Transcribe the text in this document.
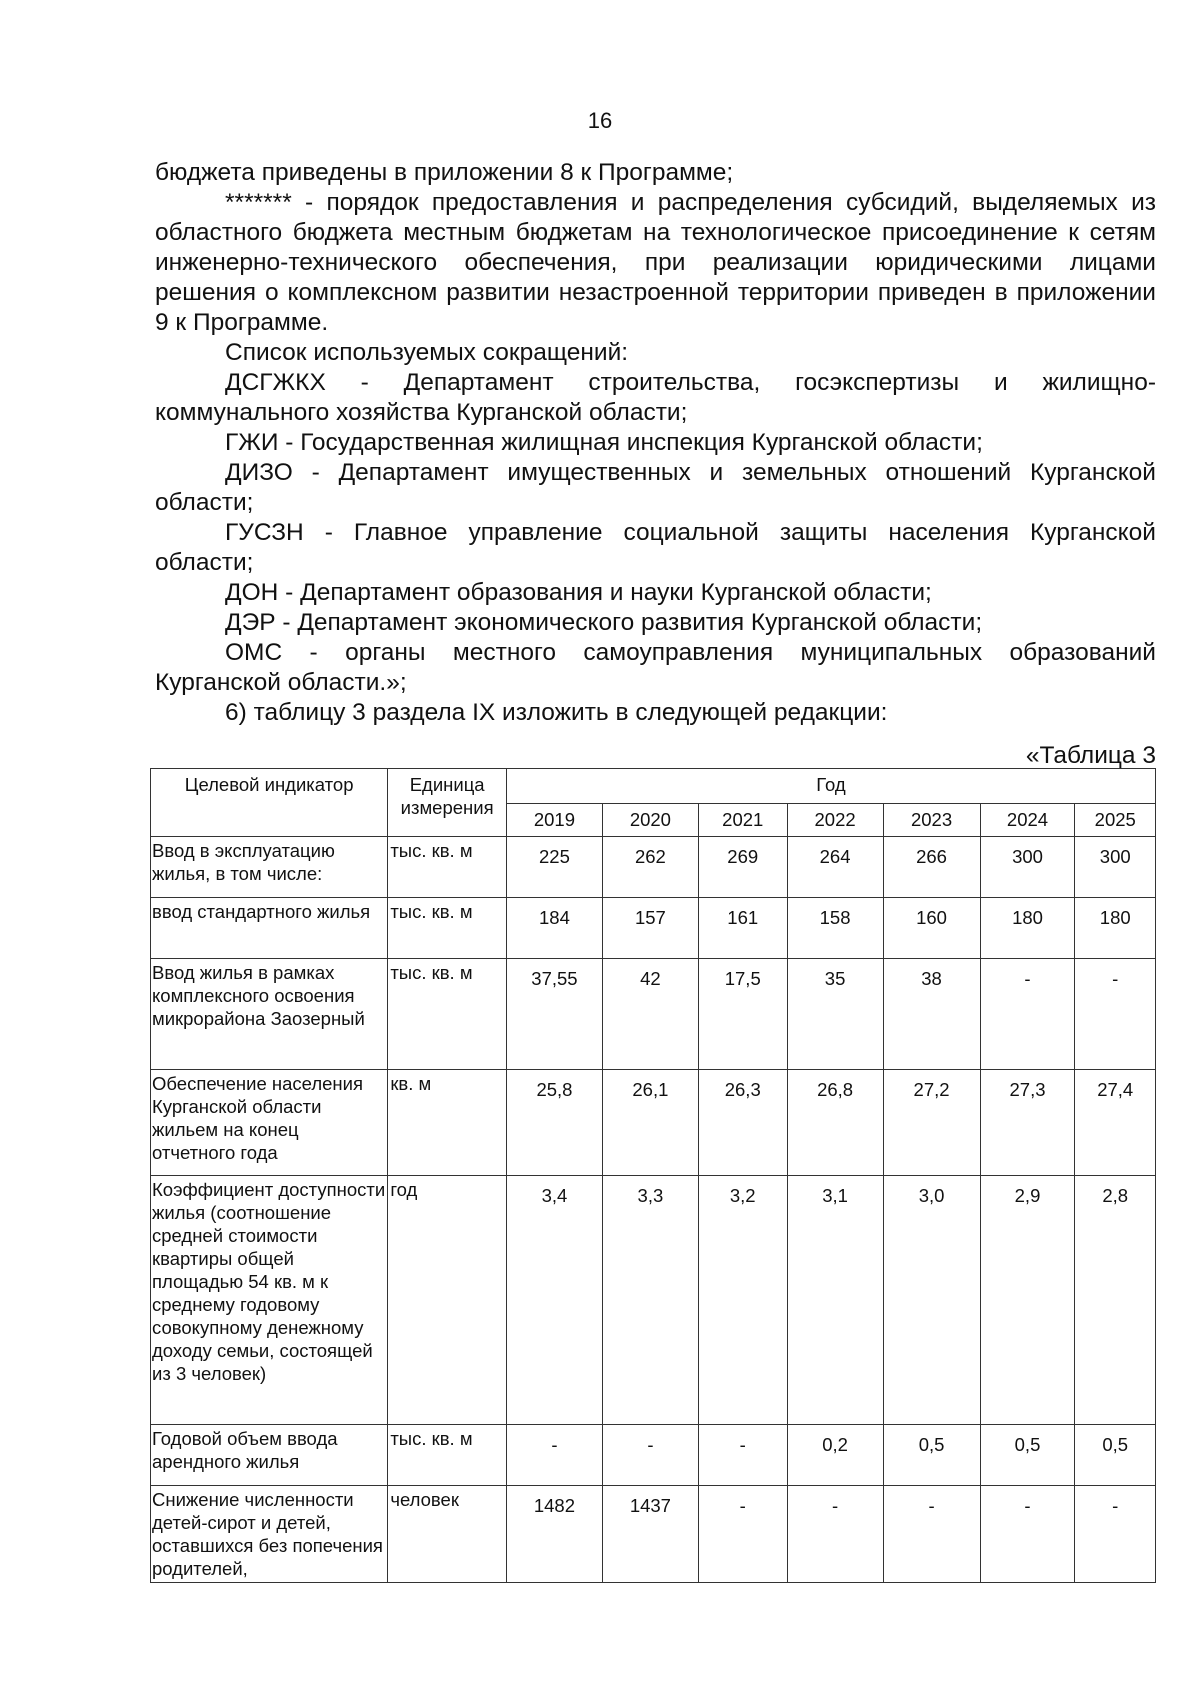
16

бюджета приведены в приложении 8 к Программе;

******* - порядок предоставления и распределения субсидий, выделяемых из областного бюджета местным бюджетам на технологическое присоединение к сетям инженерно-технического обеспечения, при реализации юридическими лицами решения о комплексном развитии незастроенной территории приведен в приложении 9 к Программе.

Список используемых сокращений:

ДСГЖКХ - Департамент строительства, госэкспертизы и жилищно-коммунального хозяйства Курганской области;

ГЖИ - Государственная жилищная инспекция Курганской области;

ДИЗО - Департамент имущественных и земельных отношений Курганской области;

ГУСЗН - Главное управление социальной защиты населения Курганской области;

ДОН - Департамент образования и науки Курганской области;

ДЭР - Департамент экономического развития Курганской области;

ОМС - органы местного самоуправления муниципальных образований Курганской области.»;

6) таблицу 3 раздела IX изложить в следующей редакции:

«Таблица 3
Целевой индикатор	Единица измерения	Год						
		2019	2020	2021	2022	2023	2024	2025
Ввод в эксплуатацию жилья, в том числе:	тыс. кв. м	225	262	269	264	266	300	300
ввод стандартного жилья	тыс. кв. м	184	157	161	158	160	180	180
Ввод жилья в рамках комплексного освоения микрорайона Заозерный	тыс. кв. м	37,55	42	17,5	35	38	-	-
Обеспечение населения Курганской области жильем на конец отчетного года	кв. м	25,8	26,1	26,3	26,8	27,2	27,3	27,4
Коэффициент доступности жилья (соотношение средней стоимости квартиры общей площадью 54 кв. м к среднему годовому совокупному денежному доходу семьи, состоящей из 3 человек)	год	3,4	3,3	3,2	3,1	3,0	2,9	2,8
Годовой объем ввода арендного жилья	тыс. кв. м	-	-	-	0,2	0,5	0,5	0,5
Снижение численности детей-сирот и детей, оставшихся без попечения родителей,	человек	1482	1437	-	-	-	-	-
